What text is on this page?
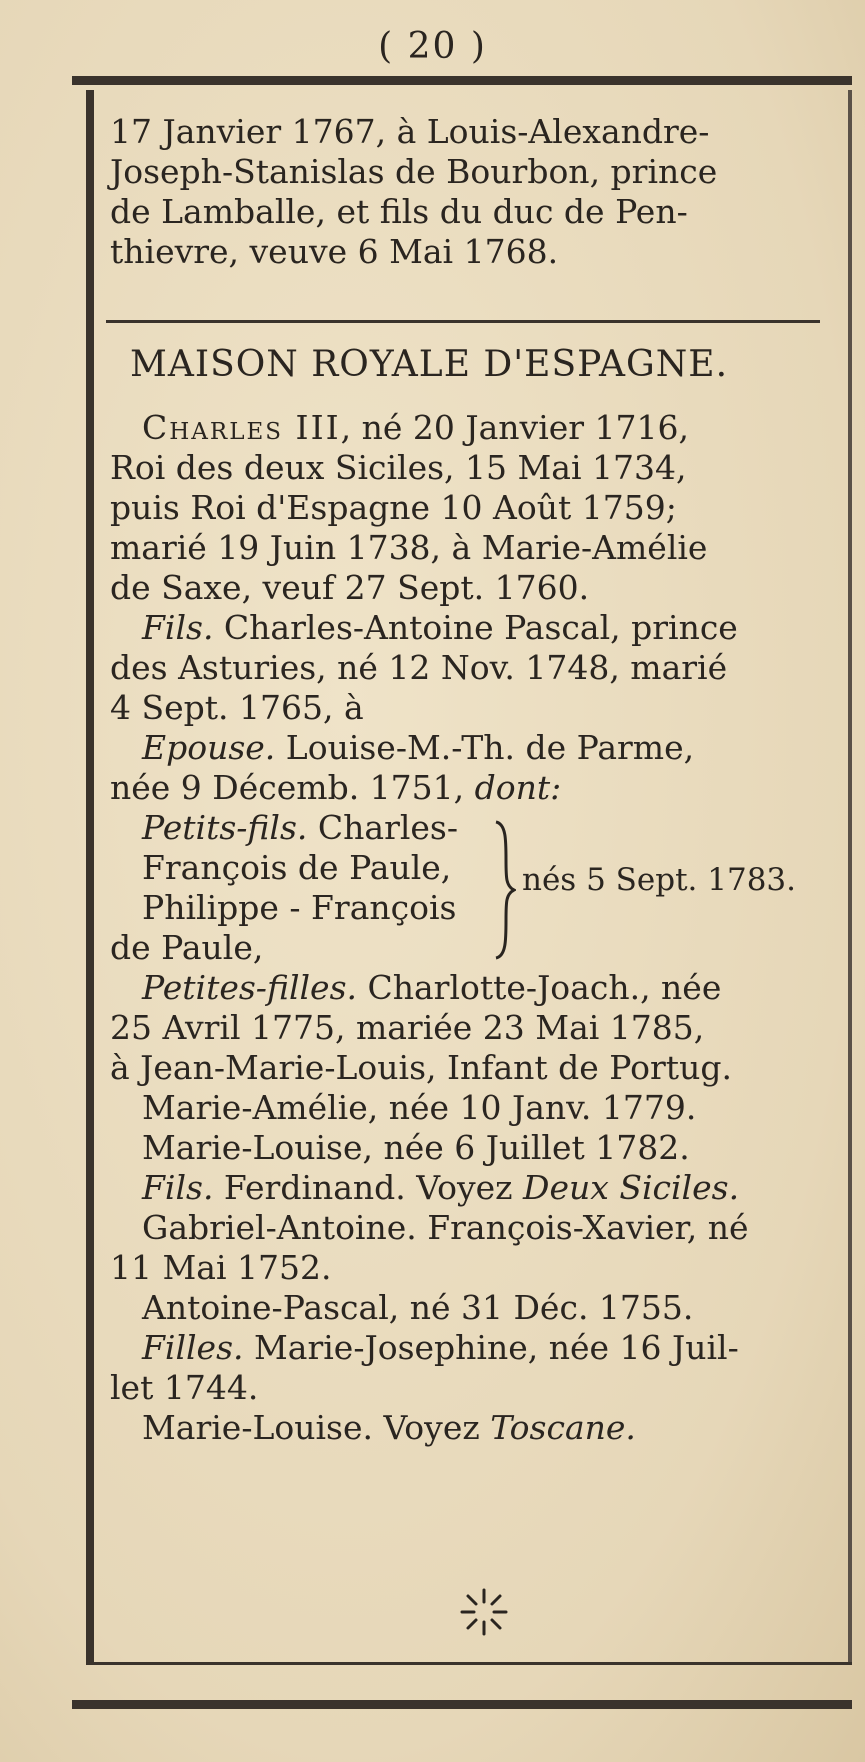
( 20 )
17 Janvier 1767, à Louis-Alexandre-
Joseph-Stanislas de Bourbon, prince
de Lamballe, et fils du duc de Pen-
thievre, veuve 6 Mai 1768.
MAISON ROYALE D'ESPAGNE.
Charles III, né 20 Janvier 1716,
Roi des deux Siciles, 15 Mai 1734,
puis Roi d'Espagne 10 Août 1759;
marié 19 Juin 1738, à Marie-Amélie
de Saxe, veuf 27 Sept. 1760.
Fils. Charles-Antoine Pascal, prince
des Asturies, né 12 Nov. 1748, marié
4 Sept. 1765, à
Epouse. Louise-M.-Th. de Parme,
née 9 Décemb. 1751, dont:
Petits-fils. Charles-
François de Paule,
Philippe - François
de Paule,
nés 5 Sept. 1783.
Petites-filles. Charlotte-Joach., née
25 Avril 1775, mariée 23 Mai 1785,
à Jean-Marie-Louis, Infant de Portug.
Marie-Amélie, née 10 Janv. 1779.
Marie-Louise, née 6 Juillet 1782.
Fils. Ferdinand. Voyez Deux Siciles.
Gabriel-Antoine. François-Xavier, né
11 Mai 1752.
Antoine-Pascal, né 31 Déc. 1755.
Filles. Marie-Josephine, née 16 Juil-
let 1744.
Marie-Louise. Voyez Toscane.
